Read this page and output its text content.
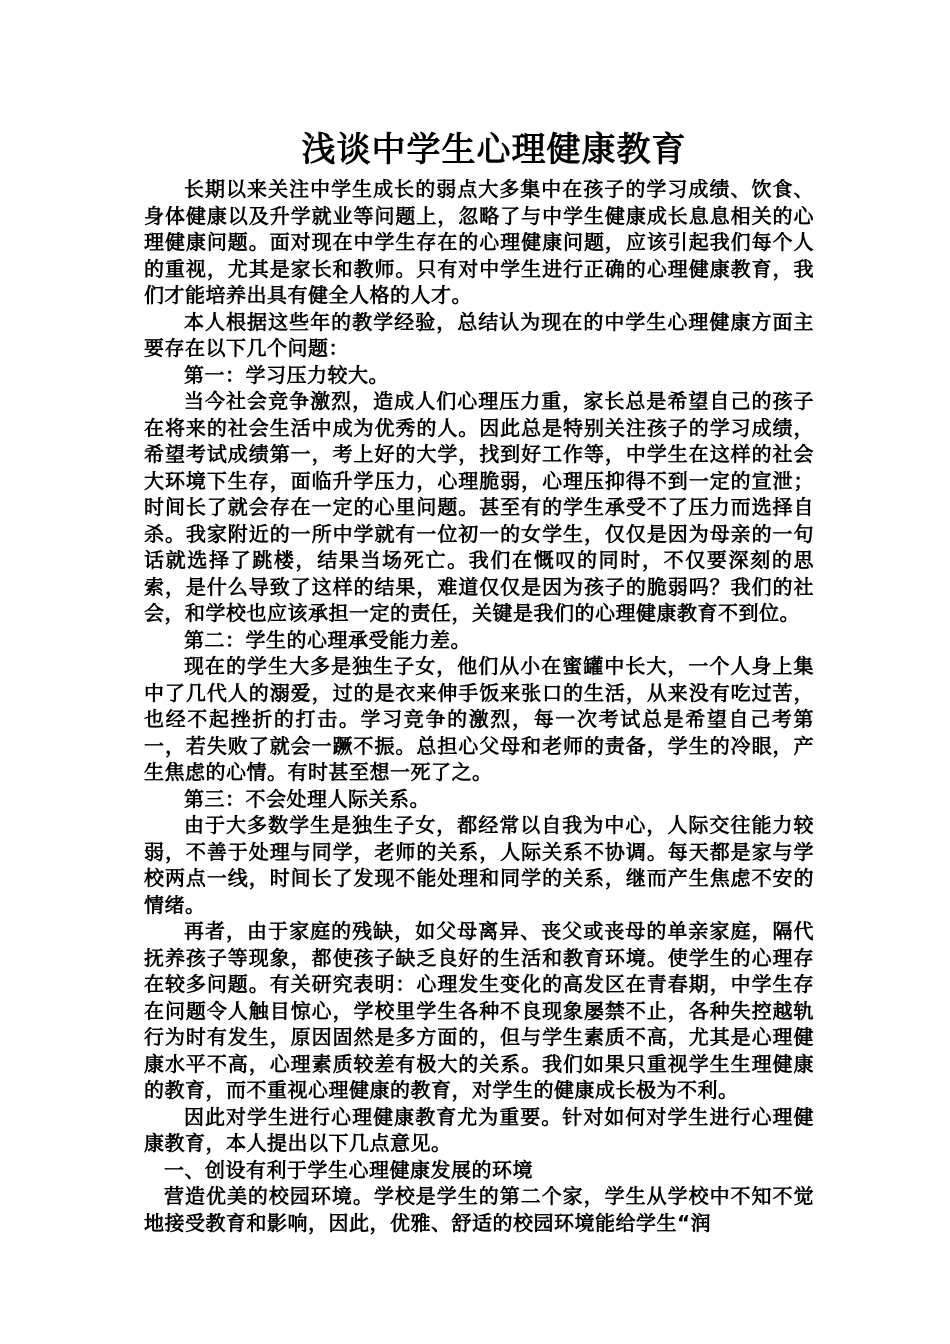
浅谈中学生心理健康教育

长期以来关注中学生成长的弱点大多集中在孩子的学习成绩、饮食、身体健康以及升学就业等问题上，忽略了与中学生健康成长息息相关的心理健康问题。面对现在中学生存在的心理健康问题，应该引起我们每个人的重视，尤其是家长和教师。只有对中学生进行正确的心理健康教育，我们才能培养出具有健全人格的人才。

本人根据这些年的教学经验，总结认为现在的中学生心理健康方面主要存在以下几个问题：

第一：学习压力较大。

当今社会竞争激烈，造成人们心理压力重，家长总是希望自己的孩子在将来的社会生活中成为优秀的人。因此总是特别关注孩子的学习成绩，希望考试成绩第一，考上好的大学，找到好工作等，中学生在这样的社会大环境下生存，面临升学压力，心理脆弱，心理压抑得不到一定的宣泄；时间长了就会存在一定的心里问题。甚至有的学生承受不了压力而选择自杀。我家附近的一所中学就有一位初一的女学生，仅仅是因为母亲的一句话就选择了跳楼，结果当场死亡。我们在慨叹的同时，不仅要深刻的思索，是什么导致了这样的结果，难道仅仅是因为孩子的脆弱吗？我们的社会，和学校也应该承担一定的责任，关键是我们的心理健康教育不到位。

第二：学生的心理承受能力差。

现在的学生大多是独生子女，他们从小在蜜罐中长大，一个人身上集中了几代人的溺爱，过的是衣来伸手饭来张口的生活，从来没有吃过苦，也经不起挫折的打击。学习竞争的激烈，每一次考试总是希望自己考第一，若失败了就会一蹶不振。总担心父母和老师的责备，学生的冷眼，产生焦虑的心情。有时甚至想一死了之。

第三：不会处理人际关系。

由于大多数学生是独生子女，都经常以自我为中心，人际交往能力较弱，不善于处理与同学，老师的关系，人际关系不协调。每天都是家与学校两点一线，时间长了发现不能处理和同学的关系，继而产生焦虑不安的情绪。

再者，由于家庭的残缺，如父母离异、丧父或丧母的单亲家庭，隔代抚养孩子等现象，都使孩子缺乏良好的生活和教育环境。使学生的心理存在较多问题。有关研究表明：心理发生变化的高发区在青春期，中学生存在问题令人触目惊心，学校里学生各种不良现象屡禁不止，各种失控越轨行为时有发生，原因固然是多方面的，但与学生素质不高，尤其是心理健康水平不高，心理素质较差有极大的关系。我们如果只重视学生生理健康的教育，而不重视心理健康的教育，对学生的健康成长极为不利。

因此对学生进行心理健康教育尤为重要。针对如何对学生进行心理健康教育，本人提出以下几点意见。

一、创设有利于学生心理健康发展的环境

营造优美的校园环境。学校是学生的第二个家，学生从学校中不知不觉地接受教育和影响，因此，优雅、舒适的校园环境能给学生“润
